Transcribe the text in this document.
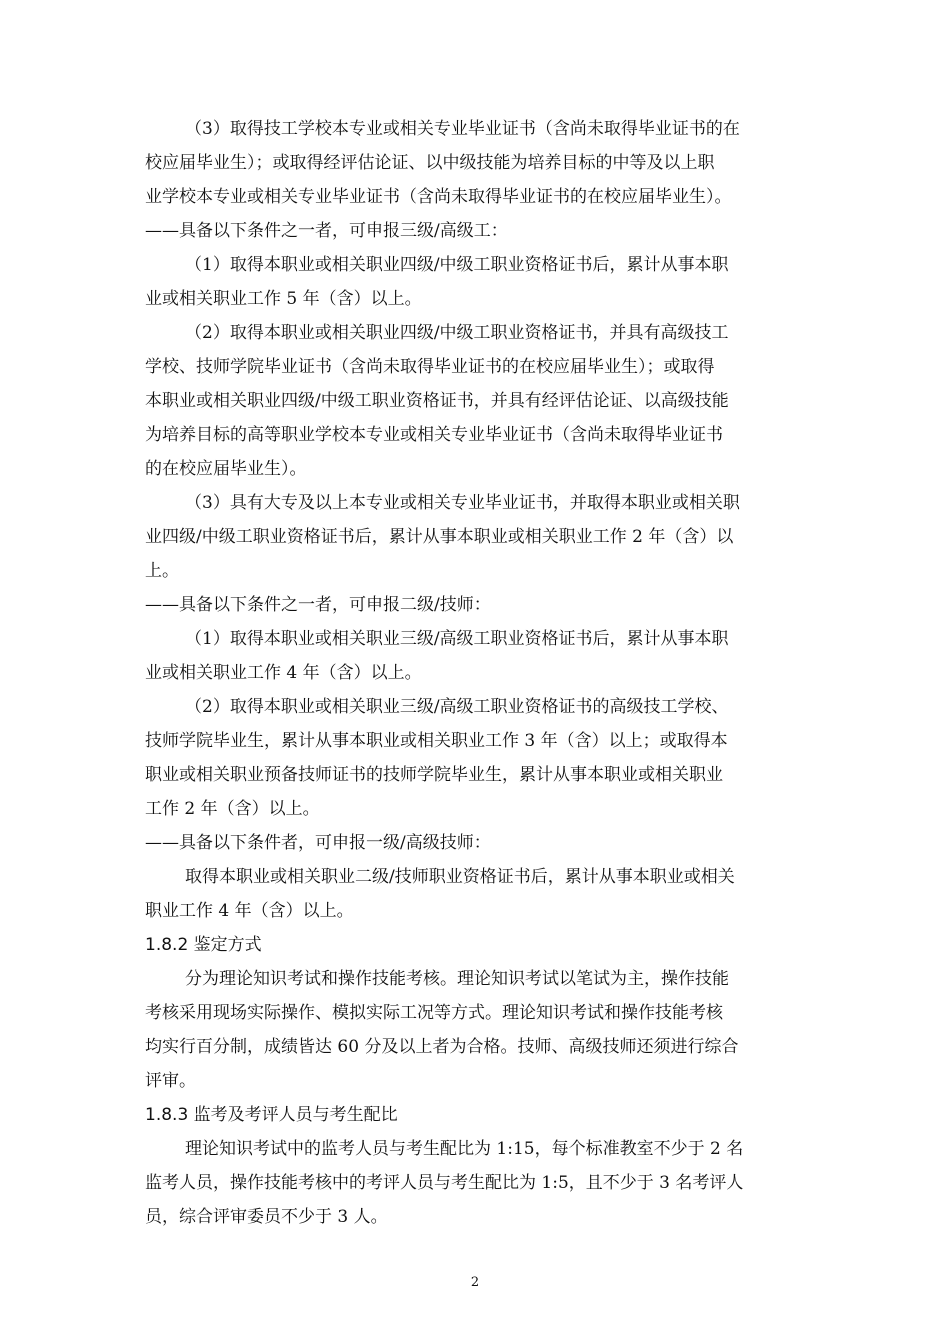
（3）取得技工学校本专业或相关专业毕业证书（含尚未取得毕业证书的在
校应届毕业生）；或取得经评估论证、以中级技能为培养目标的中等及以上职
业学校本专业或相关专业毕业证书（含尚未取得毕业证书的在校应届毕业生）。
——具备以下条件之一者，可申报三级/高级工：
（1）取得本职业或相关职业四级/中级工职业资格证书后，累计从事本职
业或相关职业工作 5 年（含）以上。
（2）取得本职业或相关职业四级/中级工职业资格证书，并具有高级技工
学校、技师学院毕业证书（含尚未取得毕业证书的在校应届毕业生）；或取得
本职业或相关职业四级/中级工职业资格证书，并具有经评估论证、以高级技能
为培养目标的高等职业学校本专业或相关专业毕业证书（含尚未取得毕业证书
的在校应届毕业生）。
（3）具有大专及以上本专业或相关专业毕业证书，并取得本职业或相关职
业四级/中级工职业资格证书后，累计从事本职业或相关职业工作 2 年（含）以
上。
——具备以下条件之一者，可申报二级/技师：
（1）取得本职业或相关职业三级/高级工职业资格证书后，累计从事本职
业或相关职业工作 4 年（含）以上。
（2）取得本职业或相关职业三级/高级工职业资格证书的高级技工学校、
技师学院毕业生，累计从事本职业或相关职业工作 3 年（含）以上；或取得本
职业或相关职业预备技师证书的技师学院毕业生，累计从事本职业或相关职业
工作 2 年（含）以上。
——具备以下条件者，可申报一级/高级技师：
取得本职业或相关职业二级/技师职业资格证书后，累计从事本职业或相关
职业工作 4 年（含）以上。
1.8.2 鉴定方式
分为理论知识考试和操作技能考核。理论知识考试以笔试为主，操作技能
考核采用现场实际操作、模拟实际工况等方式。理论知识考试和操作技能考核
均实行百分制，成绩皆达 60 分及以上者为合格。技师、高级技师还须进行综合
评审。
1.8.3 监考及考评人员与考生配比
理论知识考试中的监考人员与考生配比为 1:15，每个标准教室不少于 2 名
监考人员，操作技能考核中的考评人员与考生配比为 1:5，且不少于 3 名考评人
员，综合评审委员不少于 3 人。
2
